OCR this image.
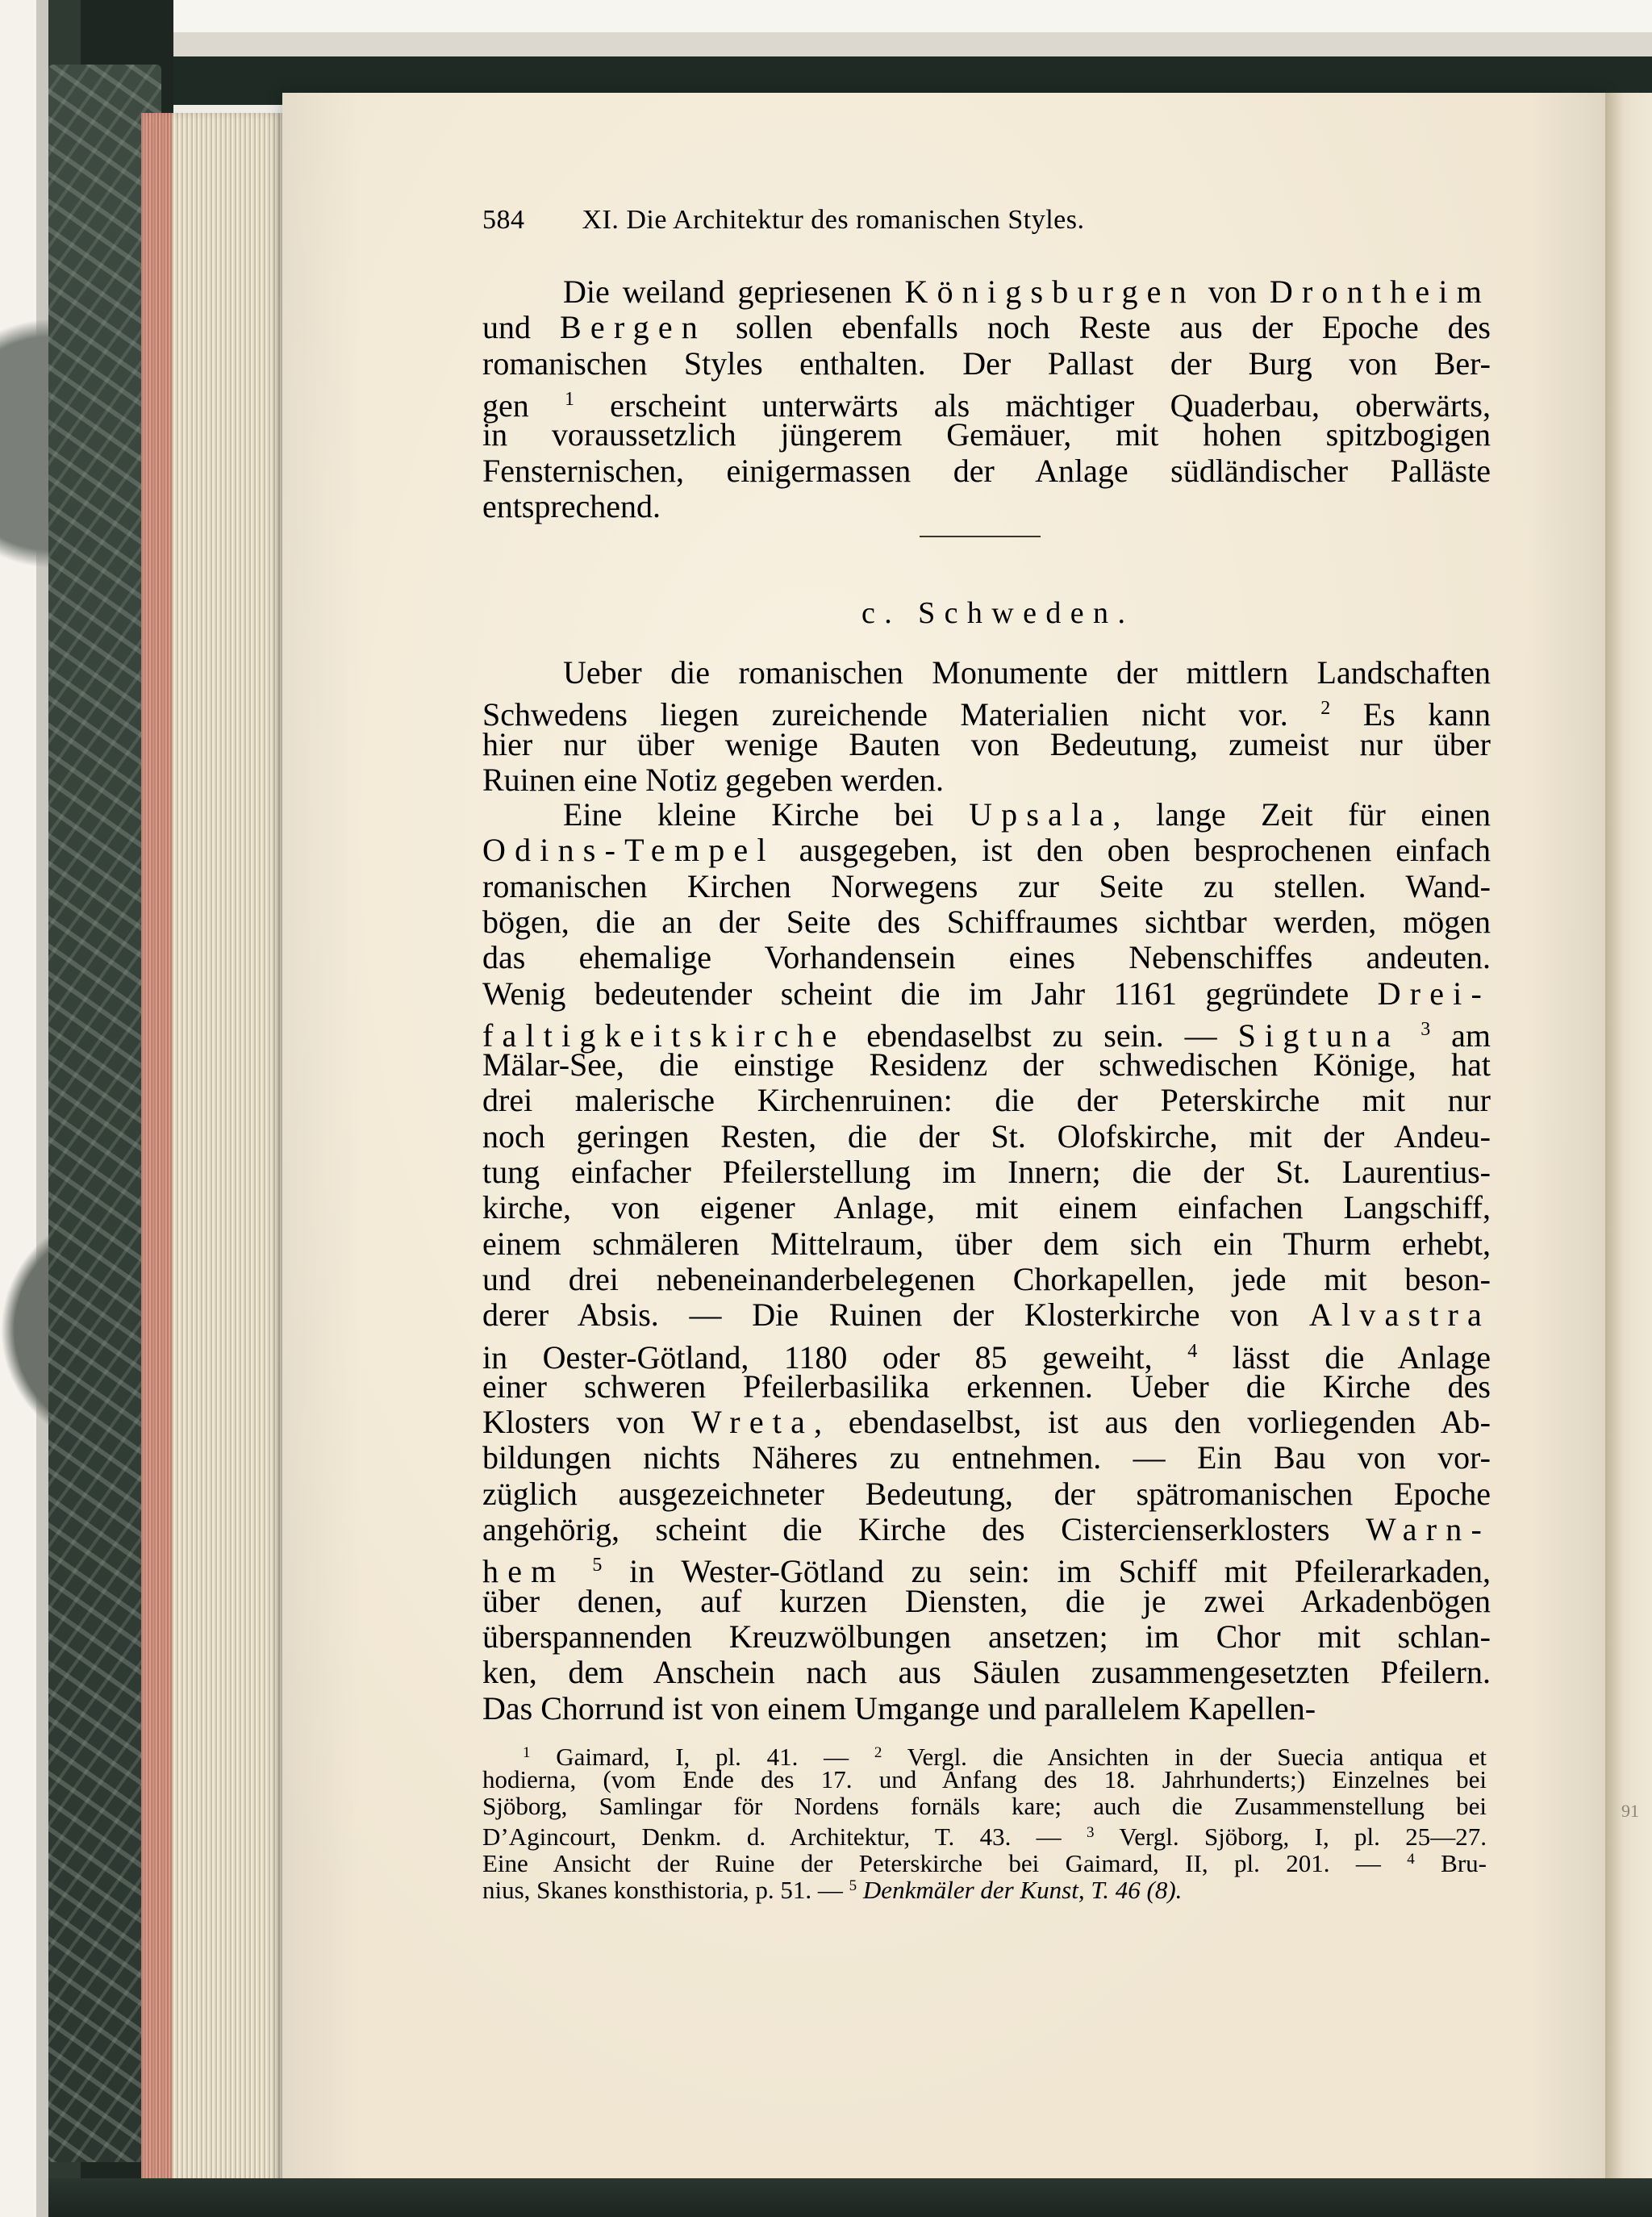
91
584 XI. Die Architektur des romanischen Styles.
Die weiland gepriesenen Königsburgen von Drontheim
und Bergen sollen ebenfalls noch Reste aus der Epoche des
romanischen Styles enthalten. Der Pallast der Burg von Ber-
gen $^1$ erscheint unterwärts als mächtiger Quaderbau, oberwärts,
in voraussetzlich jüngerem Gemäuer, mit hohen spitzbogigen
Fensternischen, einigermassen der Anlage südländischer Palläste
entsprechend.
Ueber die romanischen Monumente der mittlern Landschaften
Schwedens liegen zureichende Materialien nicht vor. $^2$ Es kann
hier nur über wenige Bauten von Bedeutung, zumeist nur über
Ruinen eine Notiz gegeben werden.
Eine kleine Kirche bei Upsala, lange Zeit für einen
Odins-Tempel ausgegeben, ist den oben besprochenen einfach
romanischen Kirchen Norwegens zur Seite zu stellen. Wand-
bögen, die an der Seite des Schiffraumes sichtbar werden, mögen
das ehemalige Vorhandensein eines Nebenschiffes andeuten.
Wenig bedeutender scheint die im Jahr 1161 gegründete Drei-
faltigkeitskirche ebendaselbst zu sein. — Sigtuna $^3$ am
Mälar-See, die einstige Residenz der schwedischen Könige, hat
drei malerische Kirchenruinen: die der Peterskirche mit nur
noch geringen Resten, die der St. Olofskirche, mit der Andeu-
tung einfacher Pfeilerstellung im Innern; die der St. Laurentius-
kirche, von eigener Anlage, mit einem einfachen Langschiff,
einem schmäleren Mittelraum, über dem sich ein Thurm erhebt,
und drei nebeneinanderbelegenen Chorkapellen, jede mit beson-
derer Absis. — Die Ruinen der Klosterkirche von Alvastra
in Oester-Götland, 1180 oder 85 geweiht, $^4$ lässt die Anlage
einer schweren Pfeilerbasilika erkennen. Ueber die Kirche des
Klosters von Wreta, ebendaselbst, ist aus den vorliegenden Ab-
bildungen nichts Näheres zu entnehmen. — Ein Bau von vor-
züglich ausgezeichneter Bedeutung, der spätromanischen Epoche
angehörig, scheint die Kirche des Cistercienserklosters Warn-
hem $^5$ in Wester-Götland zu sein: im Schiff mit Pfeilerarkaden,
über denen, auf kurzen Diensten, die je zwei Arkadenbögen
überspannenden Kreuzwölbungen ansetzen; im Chor mit schlan-
ken, dem Anschein nach aus Säulen zusammengesetzten Pfeilern.
Das Chorrund ist von einem Umgange und parallelem Kapellen-
c. Schweden.
$^1$ Gaimard, I, pl. 41. — $^2$ Vergl. die Ansichten in der Suecia antiqua et
hodierna, (vom Ende des 17. und Anfang des 18. Jahrhunderts;) Einzelnes bei
Sjöborg, Samlingar för Nordens fornäls kare; auch die Zusammenstellung bei
D’Agincourt, Denkm. d. Architektur, T. 43. — $^3$ Vergl. Sjöborg, I, pl. 25—27.
Eine Ansicht der Ruine der Peterskirche bei Gaimard, II, pl. 201. — $^4$ Bru-
nius, Skanes konsthistoria, p. 51. — $^5$ Denkmäler der Kunst, T. 46 (8).
